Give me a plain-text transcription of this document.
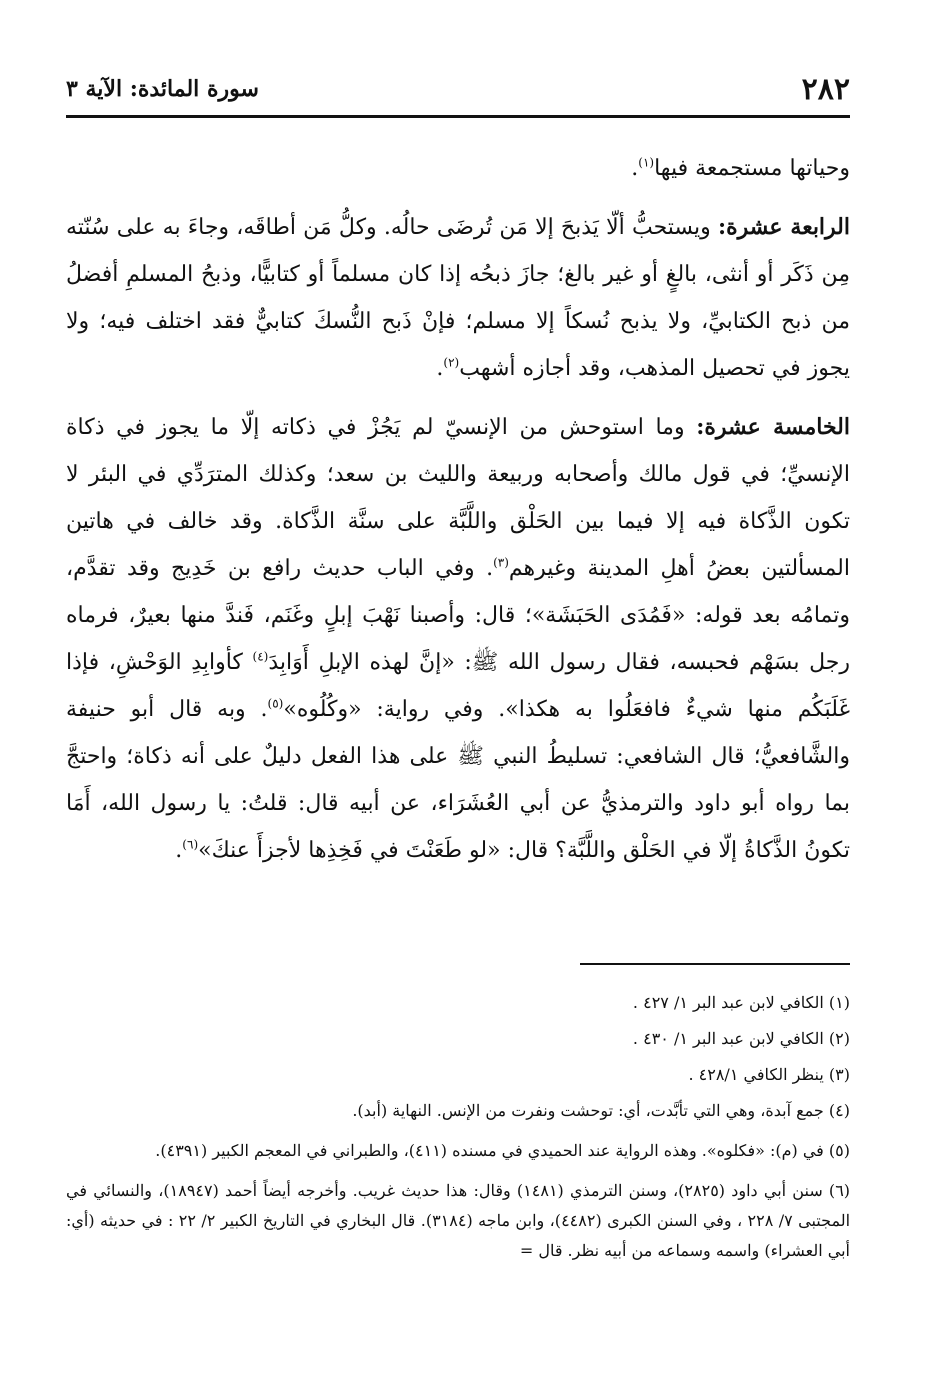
٢٨٢
سورة المائدة: الآية ٣

وحياتها مستجمعة فيها$^{(١)}$.

الرابعة عشرة: ويستحبُّ ألّا يَذبحَ إلا مَن تُرضَى حالُه. وكلُّ مَن أطاقَه، وجاءَ به على سُنّته مِن ذَكَر أو أنثى، بالغٍ أو غير بالغ؛ جازَ ذبحُه إذا كان مسلماً أو كتابيًّا، وذبحُ المسلمِ أفضلُ من ذبح الكتابيِّ، ولا يذبح نُسكاً إلا مسلم؛ فإنْ ذَبح النُّسكَ كتابيٌّ فقد اختلف فيه؛ ولا يجوز في تحصيل المذهب، وقد أجازه أشهب$^{(٢)}$.

الخامسة عشرة: وما استوحش من الإنسيّ لم يَجُزْ في ذكاته إلّا ما يجوز في ذكاة الإنسيِّ؛ في قول مالك وأصحابه وربيعة والليث بن سعد؛ وكذلك المترَدِّي في البئر لا تكون الذَّكاة فيه إلا فيما بين الحَلْق واللَّبَّة على سنَّة الذَّكاة. وقد خالف في هاتين المسألتين بعضُ أهلِ المدينة وغيرهم$^{(٣)}$. وفي الباب حديث رافع بن خَدِيج وقد تقدَّم، وتمامُه بعد قوله: «فَمُدَى الحَبَشَة»؛ قال: وأصبنا نَهْبَ إبلٍ وغَنَم، فَندَّ منها بعيرٌ، فرماه رجل بسَهْم فحبسه، فقال رسول الله ﷺ: «إنَّ لهذه الإبلِ أَوَابِدَ$^{(٤)}$ كأوابِدِ الوَحْشِ، فإذا غَلَبَكُم منها شيءٌ فافعَلُوا به هكذا». وفي رواية: «وكُلُوه»$^{(٥)}$. وبه قال أبو حنيفة والشَّافعيُّ؛ قال الشافعي: تسليطُ النبي ﷺ على هذا الفعل دليلٌ على أنه ذكاة؛ واحتجَّ بما رواه أبو داود والترمذيُّ عن أبي العُشَرَاء، عن أبيه قال: قلتُ: يا رسول الله، أَمَا تكونُ الذَّكاةُ إلّا في الحَلْق واللَّبَّة؟ قال: «لو طَعَنْتَ في فَخِذِها لأجزأَ عنكَ»$^{(٦)}$.

(١) الكافي لابن عبد البر ١/ ٤٢٧ .
(٢) الكافي لابن عبد البر ١/ ٤٣٠ .
(٣) ينظر الكافي ٤٢٨/١ .
(٤) جمع آبدة، وهي التي تأبَّدت، أي: توحشت ونفرت من الإنس. النهاية (أبد).
(٥) في (م): «فكلوه». وهذه الرواية عند الحميدي في مسنده (٤١١)، والطبراني في المعجم الكبير (٤٣٩١).
(٦) سنن أبي داود (٢٨٢٥)، وسنن الترمذي (١٤٨١) وقال: هذا حديث غريب. وأخرجه أيضاً أحمد (١٨٩٤٧)، والنسائي في المجتبى ٧/ ٢٢٨ ، وفي السنن الكبرى (٤٤٨٢)، وابن ماجه (٣١٨٤). قال البخاري في التاريخ الكبير ٢/ ٢٢ : في حديثه (أي: أبي العشراء) واسمه وسماعه من أبيه نظر. قال =
